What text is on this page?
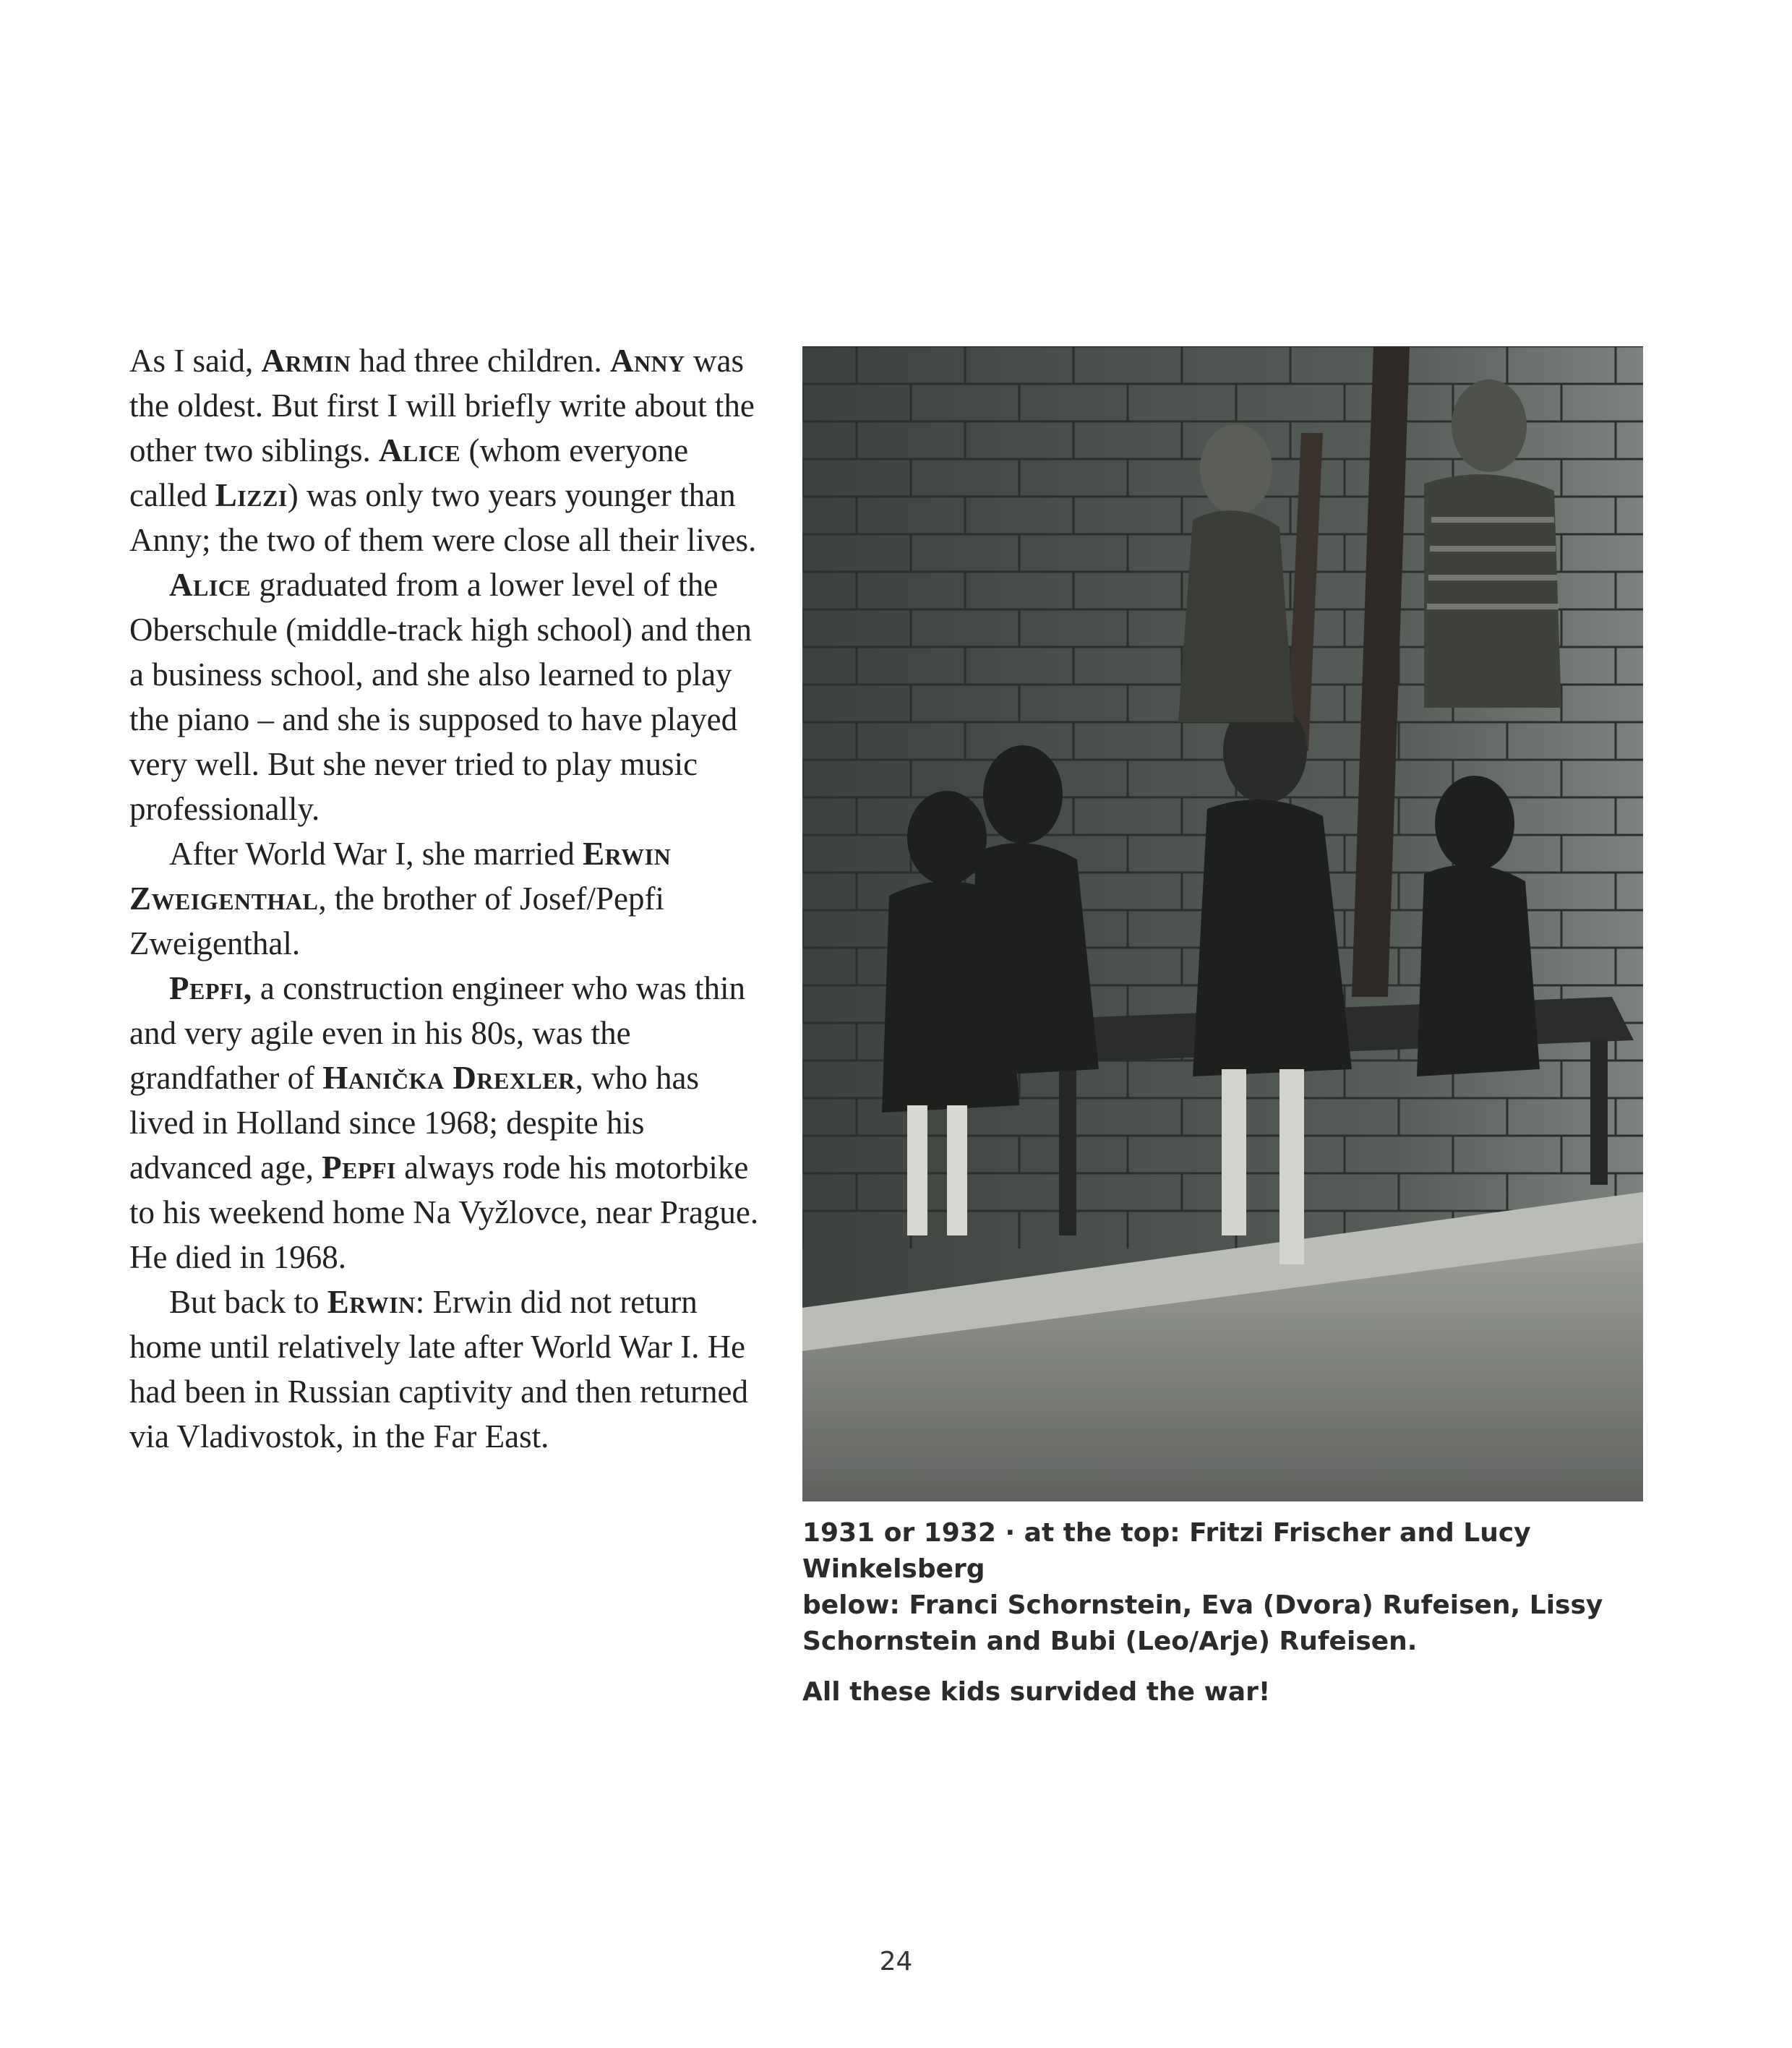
As I said, Armin had three children. Anny was the oldest. But first I will briefly write about the other two siblings. Alice (whom everyone called Lizzi) was only two years younger than Anny; the two of them were close all their lives.

Alice graduated from a lower level of the Oberschule (middle-track high school) and then a business school, and she also learned to play the piano – and she is supposed to have played very well. But she never tried to play music professionally.

After World War I, she married Erwin Zweigenthal, the brother of Josef/Pepfi Zweigenthal.

Pepfi, a construction engineer who was thin and very agile even in his 80s, was the grandfather of Hanička Drexler, who has lived in Holland since 1968; despite his advanced age, Pepfi always rode his motorbike to his weekend home Na Vyžlovce, near Prague. He died in 1968.

But back to Erwin: Erwin did not return home until relatively late after World War I. He had been in Russian captivity and then returned via Vladivostok, in the Far East.

1931 or 1932 · at the top: Fritzi Frischer and Lucy Winkelsberg

below: Franci Schornstein, Eva (Dvora) Rufeisen, Lissy Schornstein and Bubi (Leo/Arje) Rufeisen.

All these kids survided the war!

24
